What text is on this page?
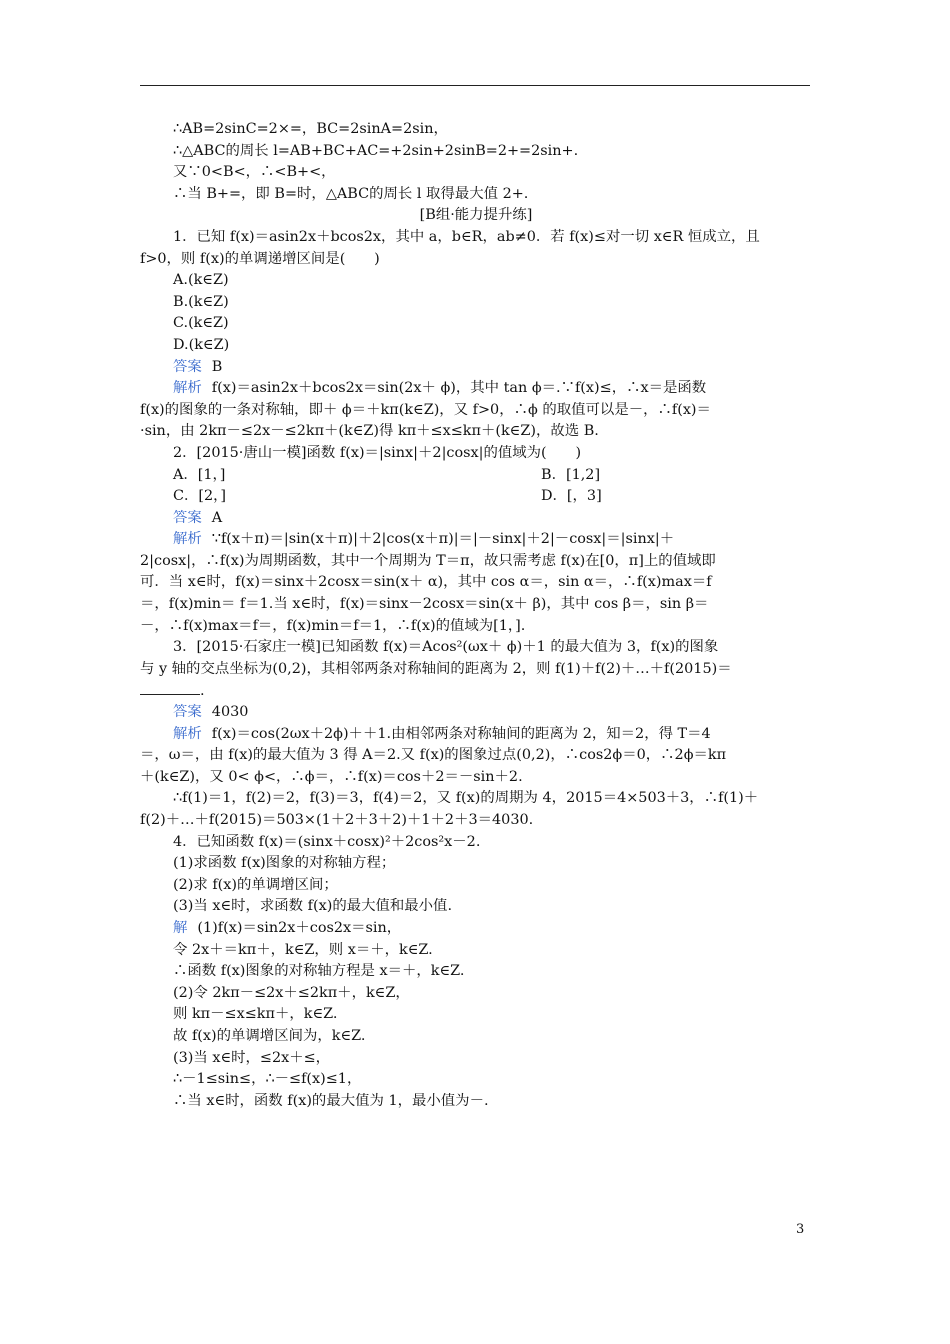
∴AB=2sinC=2×=，BC=2sinA=2sin，
∴△ABC的周长 l=AB+BC+AC=+2sin+2sinB=2+=2sin+.
又∵0<B<，∴<B+<，
∴当 B+=，即 B=时，△ABC的周长 l 取得最大值 2+.
[B组·能力提升练]
1．已知 f(x)＝asin2x＋bcos2x，其中 a，b∈R，ab≠0．若 f(x)≤对一切 x∈R 恒成立，且
f>0，则 f(x)的单调递增区间是(　　)
A.(k∈Z)
B.(k∈Z)
C.(k∈Z)
D.(k∈Z)
答案 B
解析 f(x)＝asin2x＋bcos2x＝sin(2x＋ ϕ)，其中 tan ϕ＝.∵f(x)≤，∴x＝是函数
f(x)的图象的一条对称轴，即＋ ϕ＝＋kπ(k∈Z)，又 f>0，∴ϕ 的取值可以是－，∴f(x)＝
·sin，由 2kπ－≤2x－≤2kπ＋(k∈Z)得 kπ＋≤x≤kπ＋(k∈Z)，故选 B.
2．[2015·唐山一模]函数 f(x)＝|sinx|＋2|cosx|的值域为(　　)
A．[1，]	B．[1,2]
C．[2，]	D．[，3]
答案 A
解析 ∵f(x＋π)＝|sin(x＋π)|＋2|cos(x＋π)|＝|－sinx|＋2|－cosx|＝|sinx|＋
2|cosx|，∴f(x)为周期函数，其中一个周期为 T＝π，故只需考虑 f(x)在[0，π]上的值域即
可．当 x∈时，f(x)＝sinx＋2cosx＝sin(x＋ α)，其中 cos α＝，sin α＝，∴f(x)max＝f
＝，f(x)min＝ f＝1.当 x∈时，f(x)＝sinx－2cosx＝sin(x＋ β)，其中 cos β＝，sin β＝
－，∴f(x)max＝f＝，f(x)min＝f＝1，∴f(x)的值域为[1，].
3．[2015·石家庄一模]已知函数 f(x)＝Acos²(ωx＋ ϕ)＋1 的最大值为 3，f(x)的图象
与 y 轴的交点坐标为(0,2)，其相邻两条对称轴间的距离为 2，则 f(1)＋f(2)＋…＋f(2015)＝
.
答案 4030
解析 f(x)＝cos(2ωx＋2ϕ)＋＋1.由相邻两条对称轴间的距离为 2，知＝2，得 T＝4
＝，ω＝，由 f(x)的最大值为 3 得 A＝2.又 f(x)的图象过点(0,2)，∴cos2ϕ＝0，∴2ϕ＝kπ
＋(k∈Z)，又 0< ϕ<，∴ϕ＝，∴f(x)＝cos＋2＝－sin＋2.
∴f(1)＝1，f(2)＝2，f(3)＝3，f(4)＝2，又 f(x)的周期为 4，2015＝4×503＋3，∴f(1)＋
f(2)＋…＋f(2015)＝503×(1＋2＋3＋2)＋1＋2＋3＝4030.
4．已知函数 f(x)＝(sinx＋cosx)²＋2cos²x－2.
(1)求函数 f(x)图象的对称轴方程；
(2)求 f(x)的单调增区间；
(3)当 x∈时，求函数 f(x)的最大值和最小值.
解 (1)f(x)＝sin2x＋cos2x＝sin，
令 2x＋＝kπ＋，k∈Z，则 x＝＋，k∈Z.
∴函数 f(x)图象的对称轴方程是 x＝＋，k∈Z.
(2)令 2kπ－≤2x＋≤2kπ＋，k∈Z，
则 kπ－≤x≤kπ＋，k∈Z.
故 f(x)的单调增区间为，k∈Z.
(3)当 x∈时，≤2x＋≤，
∴－1≤sin≤，∴－≤f(x)≤1，
∴当 x∈时，函数 f(x)的最大值为 1，最小值为－.
3
